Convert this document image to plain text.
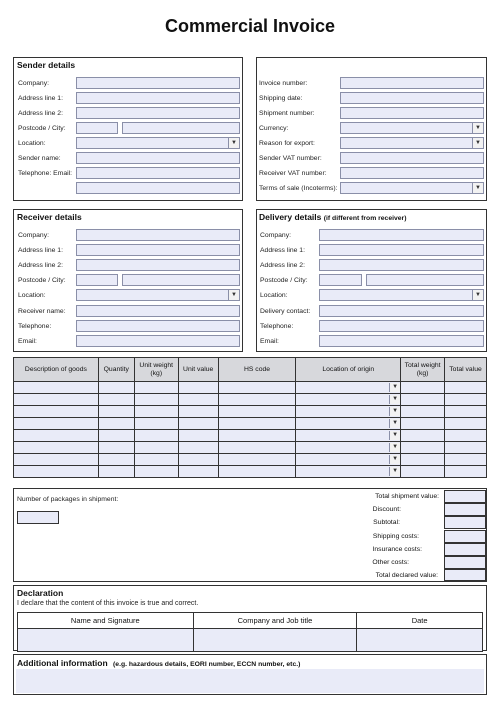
Commercial Invoice
Sender details
Company:
Address line 1:
Address line 2:
Postcode / City:
Location:	▼
Sender name:
Telephone: Email:
Invoice number:
Shipping date:
Shipment number:
Currency:	▼
Reason for export:	▼
Sender VAT number:
Receiver VAT number:
Terms of sale (Incoterms):	▼
Receiver details
Company:
Address line 1:
Address line 2:
Postcode / City:
Location:	▼
Receiver name:
Telephone:
Email:
Delivery details (if different from receiver)
Company:
Address line 1:
Address line 2:
Postcode / City:
Location:	▼
Delivery contact:
Telephone:
Email:
Description of goods	Quantity	Unit weight (kg)	Unit value	HS code	Location of origin	Total weight (kg)	Total value

					▼		

					▼		

					▼		

					▼		

					▼		

					▼		

					▼		

					▼		

Number of packages in shipment:	Total shipment value:
Discount:
Subtotal:
Shipping costs:
Insurance costs:
Other costs:
Total declared value:
Declaration
I declare that the content of this invoice is true and correct.
Name and Signature	Company and Job title	Date

Additional information (e.g. hazardous details, EORI number, ECCN number, etc.)
